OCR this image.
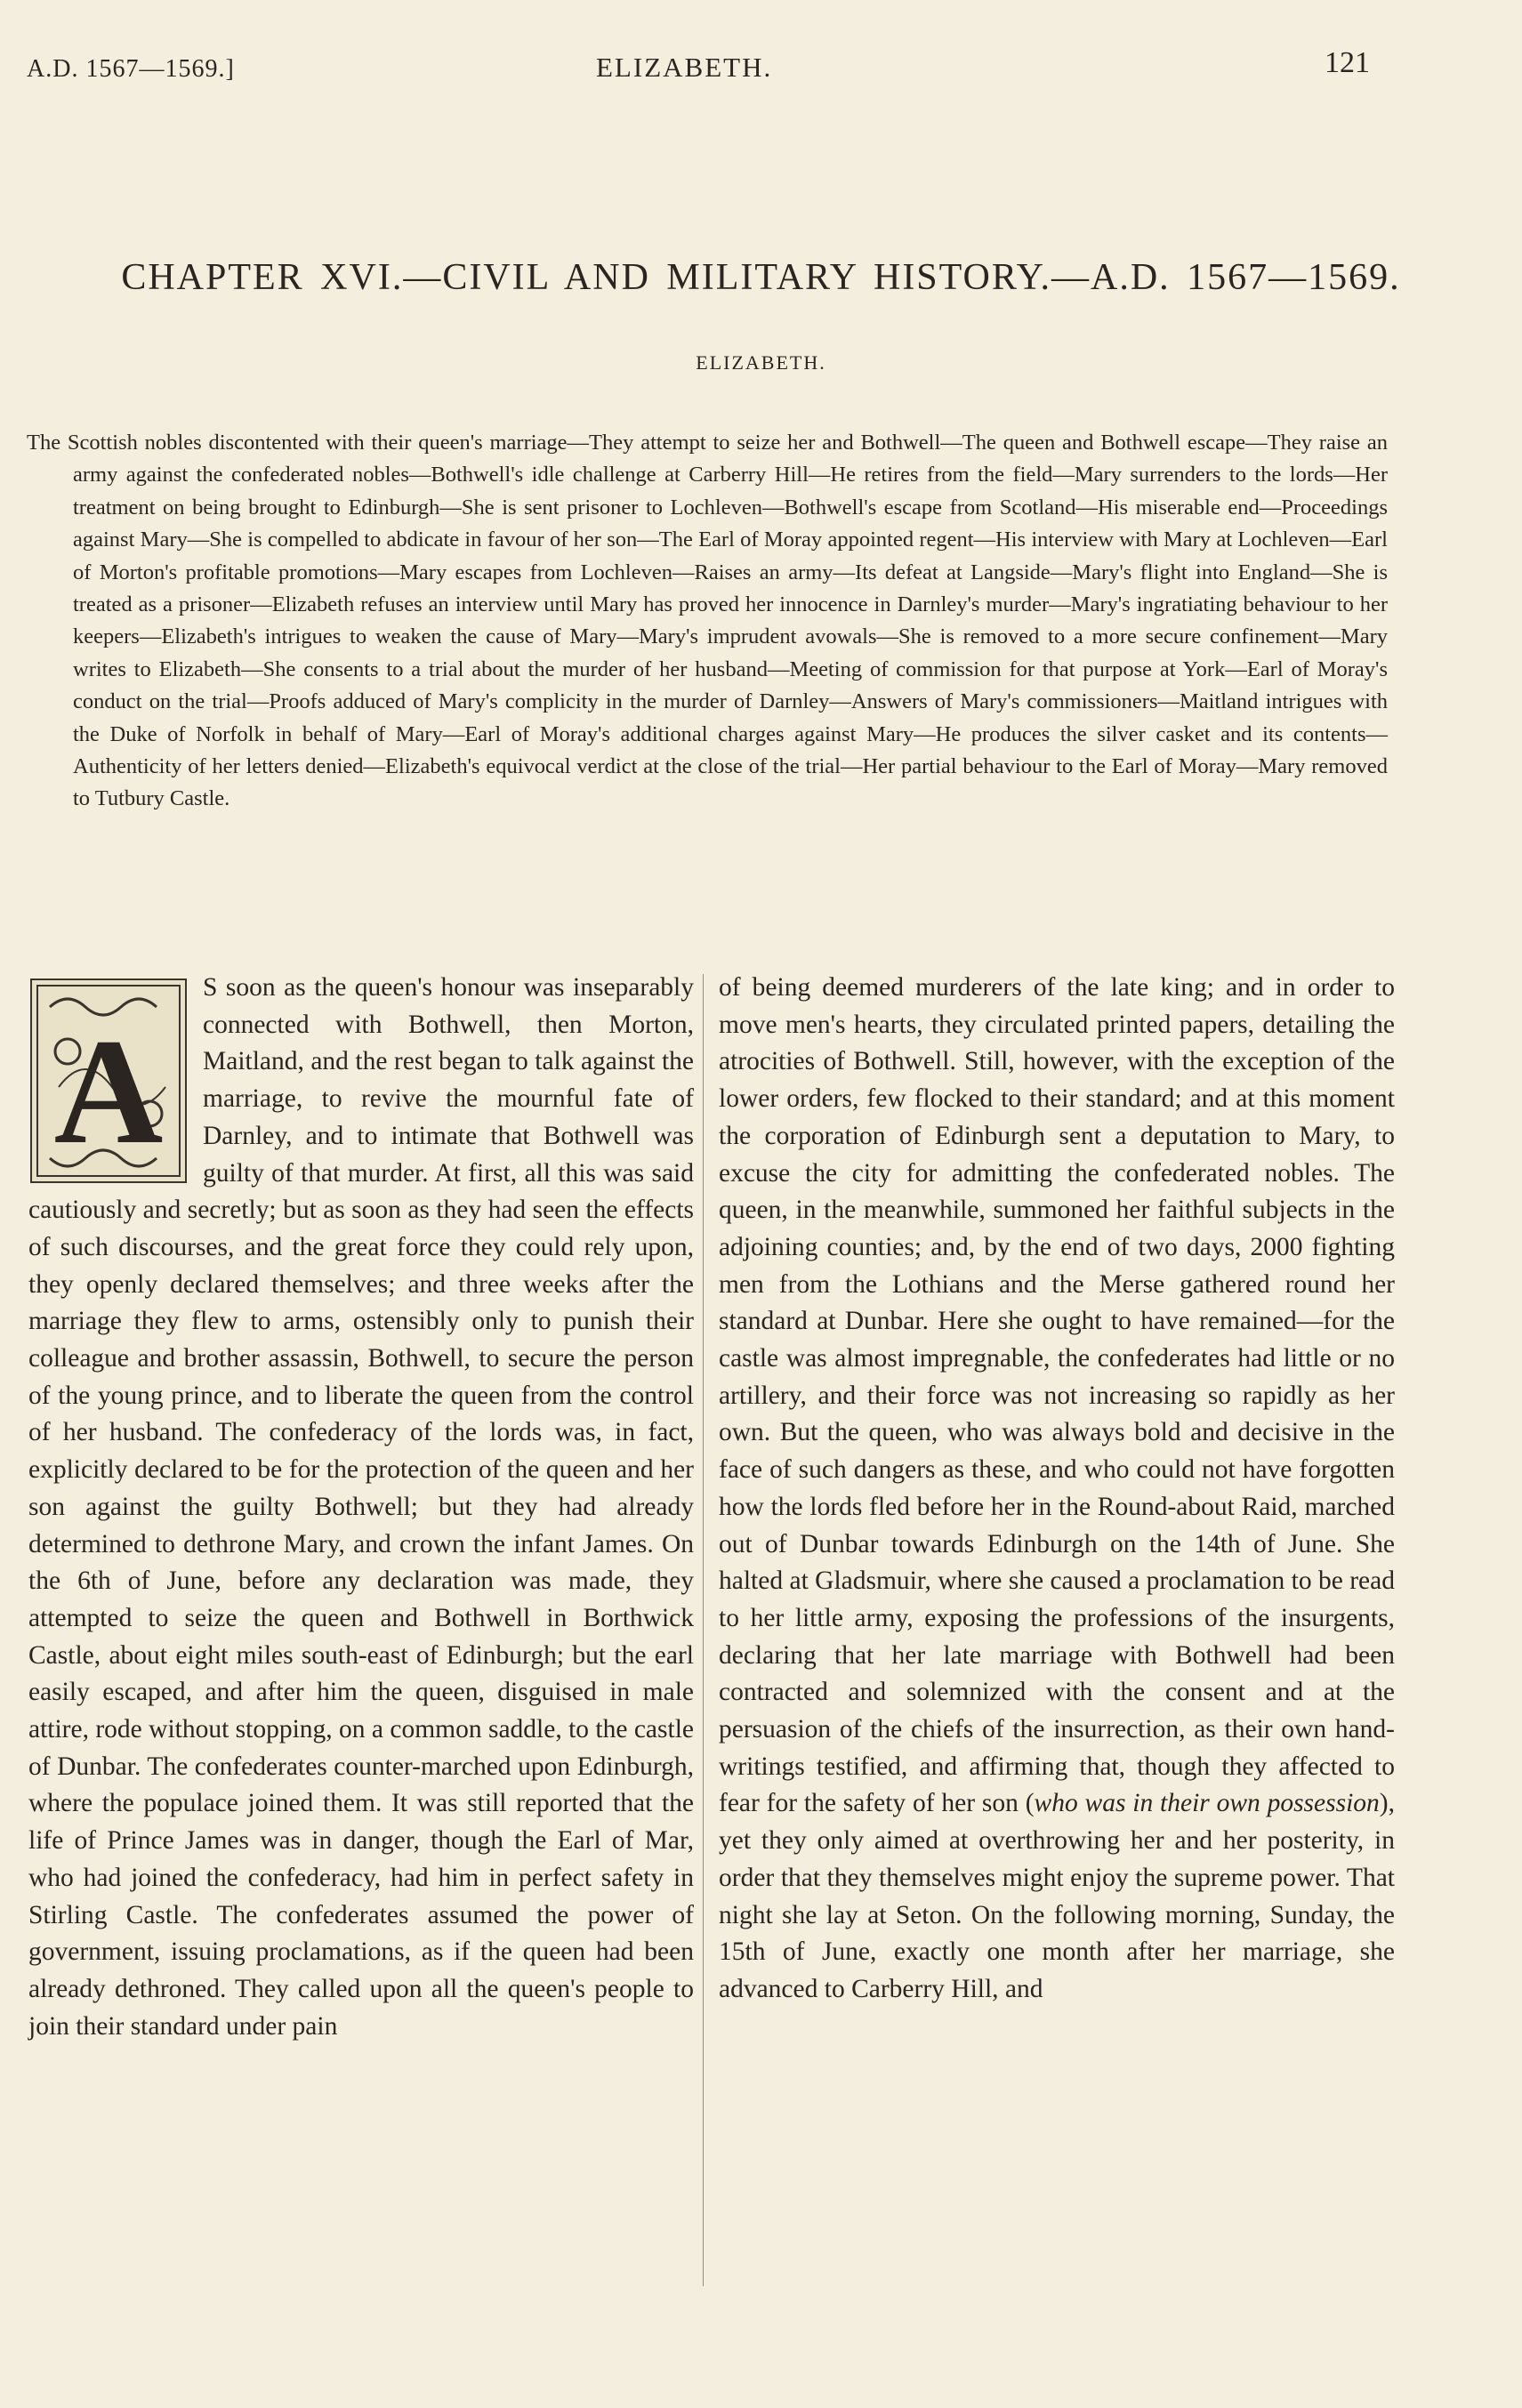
A.D. 1567—1569.]	ELIZABETH.	121
CHAPTER XVI.—CIVIL AND MILITARY HISTORY.—A.D. 1567—1569.
ELIZABETH.

The Scottish nobles discontented with their queen's marriage—They attempt to seize her and Bothwell—The queen and Bothwell escape—They raise an army against the confederated nobles—Bothwell's idle challenge at Carberry Hill—He retires from the field—Mary surrenders to the lords—Her treatment on being brought to Edinburgh—She is sent prisoner to Lochleven—Bothwell's escape from Scotland—His miserable end—Proceedings against Mary—She is compelled to abdicate in favour of her son—The Earl of Moray appointed regent—His interview with Mary at Lochleven—Earl of Morton's profitable promotions—Mary escapes from Lochleven—Raises an army—Its defeat at Langside—Mary's flight into England—She is treated as a prisoner—Elizabeth refuses an interview until Mary has proved her innocence in Darnley's murder—Mary's ingratiating behaviour to her keepers—Elizabeth's intrigues to weaken the cause of Mary—Mary's imprudent avowals—She is removed to a more secure confinement—Mary writes to Elizabeth—She consents to a trial about the murder of her husband—Meeting of commission for that purpose at York—Earl of Moray's conduct on the trial—Proofs adduced of Mary's complicity in the murder of Darnley—Answers of Mary's commissioners—Maitland intrigues with the Duke of Norfolk in behalf of Mary—Earl of Moray's additional charges against Mary—He produces the silver casket and its contents—Authenticity of her letters denied—Elizabeth's equivocal verdict at the close of the trial—Her partial behaviour to the Earl of Moray—Mary removed to Tutbury Castle.

A

S soon as the queen's honour was inseparably connected with Bothwell, then Morton, Maitland, and the rest began to talk against the marriage, to revive the mournful fate of Darnley, and to intimate that Bothwell was guilty of that murder. At first, all this was said cautiously and secretly; but as soon as they had seen the effects of such discourses, and the great force they could rely upon, they openly declared themselves; and three weeks after the marriage they flew to arms, ostensibly only to punish their colleague and brother assassin, Bothwell, to secure the person of the young prince, and to liberate the queen from the control of her husband. The confederacy of the lords was, in fact, explicitly declared to be for the protection of the queen and her son against the guilty Bothwell; but they had already determined to dethrone Mary, and crown the infant James. On the 6th of June, before any declaration was made, they attempted to seize the queen and Bothwell in Borthwick Castle, about eight miles south-east of Edinburgh; but the earl easily escaped, and after him the queen, disguised in male attire, rode without stopping, on a common saddle, to the castle of Dunbar. The confederates counter-marched upon Edinburgh, where the populace joined them. It was still reported that the life of Prince James was in danger, though the Earl of Mar, who had joined the confederacy, had him in perfect safety in Stirling Castle. The confederates assumed the power of government, issuing proclamations, as if the queen had been already dethroned. They called upon all the queen's people to join their standard under pain

of being deemed murderers of the late king; and in order to move men's hearts, they circulated printed papers, detailing the atrocities of Bothwell. Still, however, with the exception of the lower orders, few flocked to their standard; and at this moment the corporation of Edinburgh sent a deputation to Mary, to excuse the city for admitting the confederated nobles. The queen, in the meanwhile, summoned her faithful subjects in the adjoining counties; and, by the end of two days, 2000 fighting men from the Lothians and the Merse gathered round her standard at Dunbar. Here she ought to have remained—for the castle was almost impregnable, the confederates had little or no artillery, and their force was not increasing so rapidly as her own. But the queen, who was always bold and decisive in the face of such dangers as these, and who could not have forgotten how the lords fled before her in the Round-about Raid, marched out of Dunbar towards Edinburgh on the 14th of June. She halted at Gladsmuir, where she caused a proclamation to be read to her little army, exposing the professions of the insurgents, declaring that her late marriage with Bothwell had been contracted and solemnized with the consent and at the persuasion of the chiefs of the insurrection, as their own hand-writings testified, and affirming that, though they affected to fear for the safety of her son (who was in their own possession), yet they only aimed at overthrowing her and her posterity, in order that they themselves might enjoy the supreme power. That night she lay at Seton. On the following morning, Sunday, the 15th of June, exactly one month after her marriage, she advanced to Carberry Hill, and
